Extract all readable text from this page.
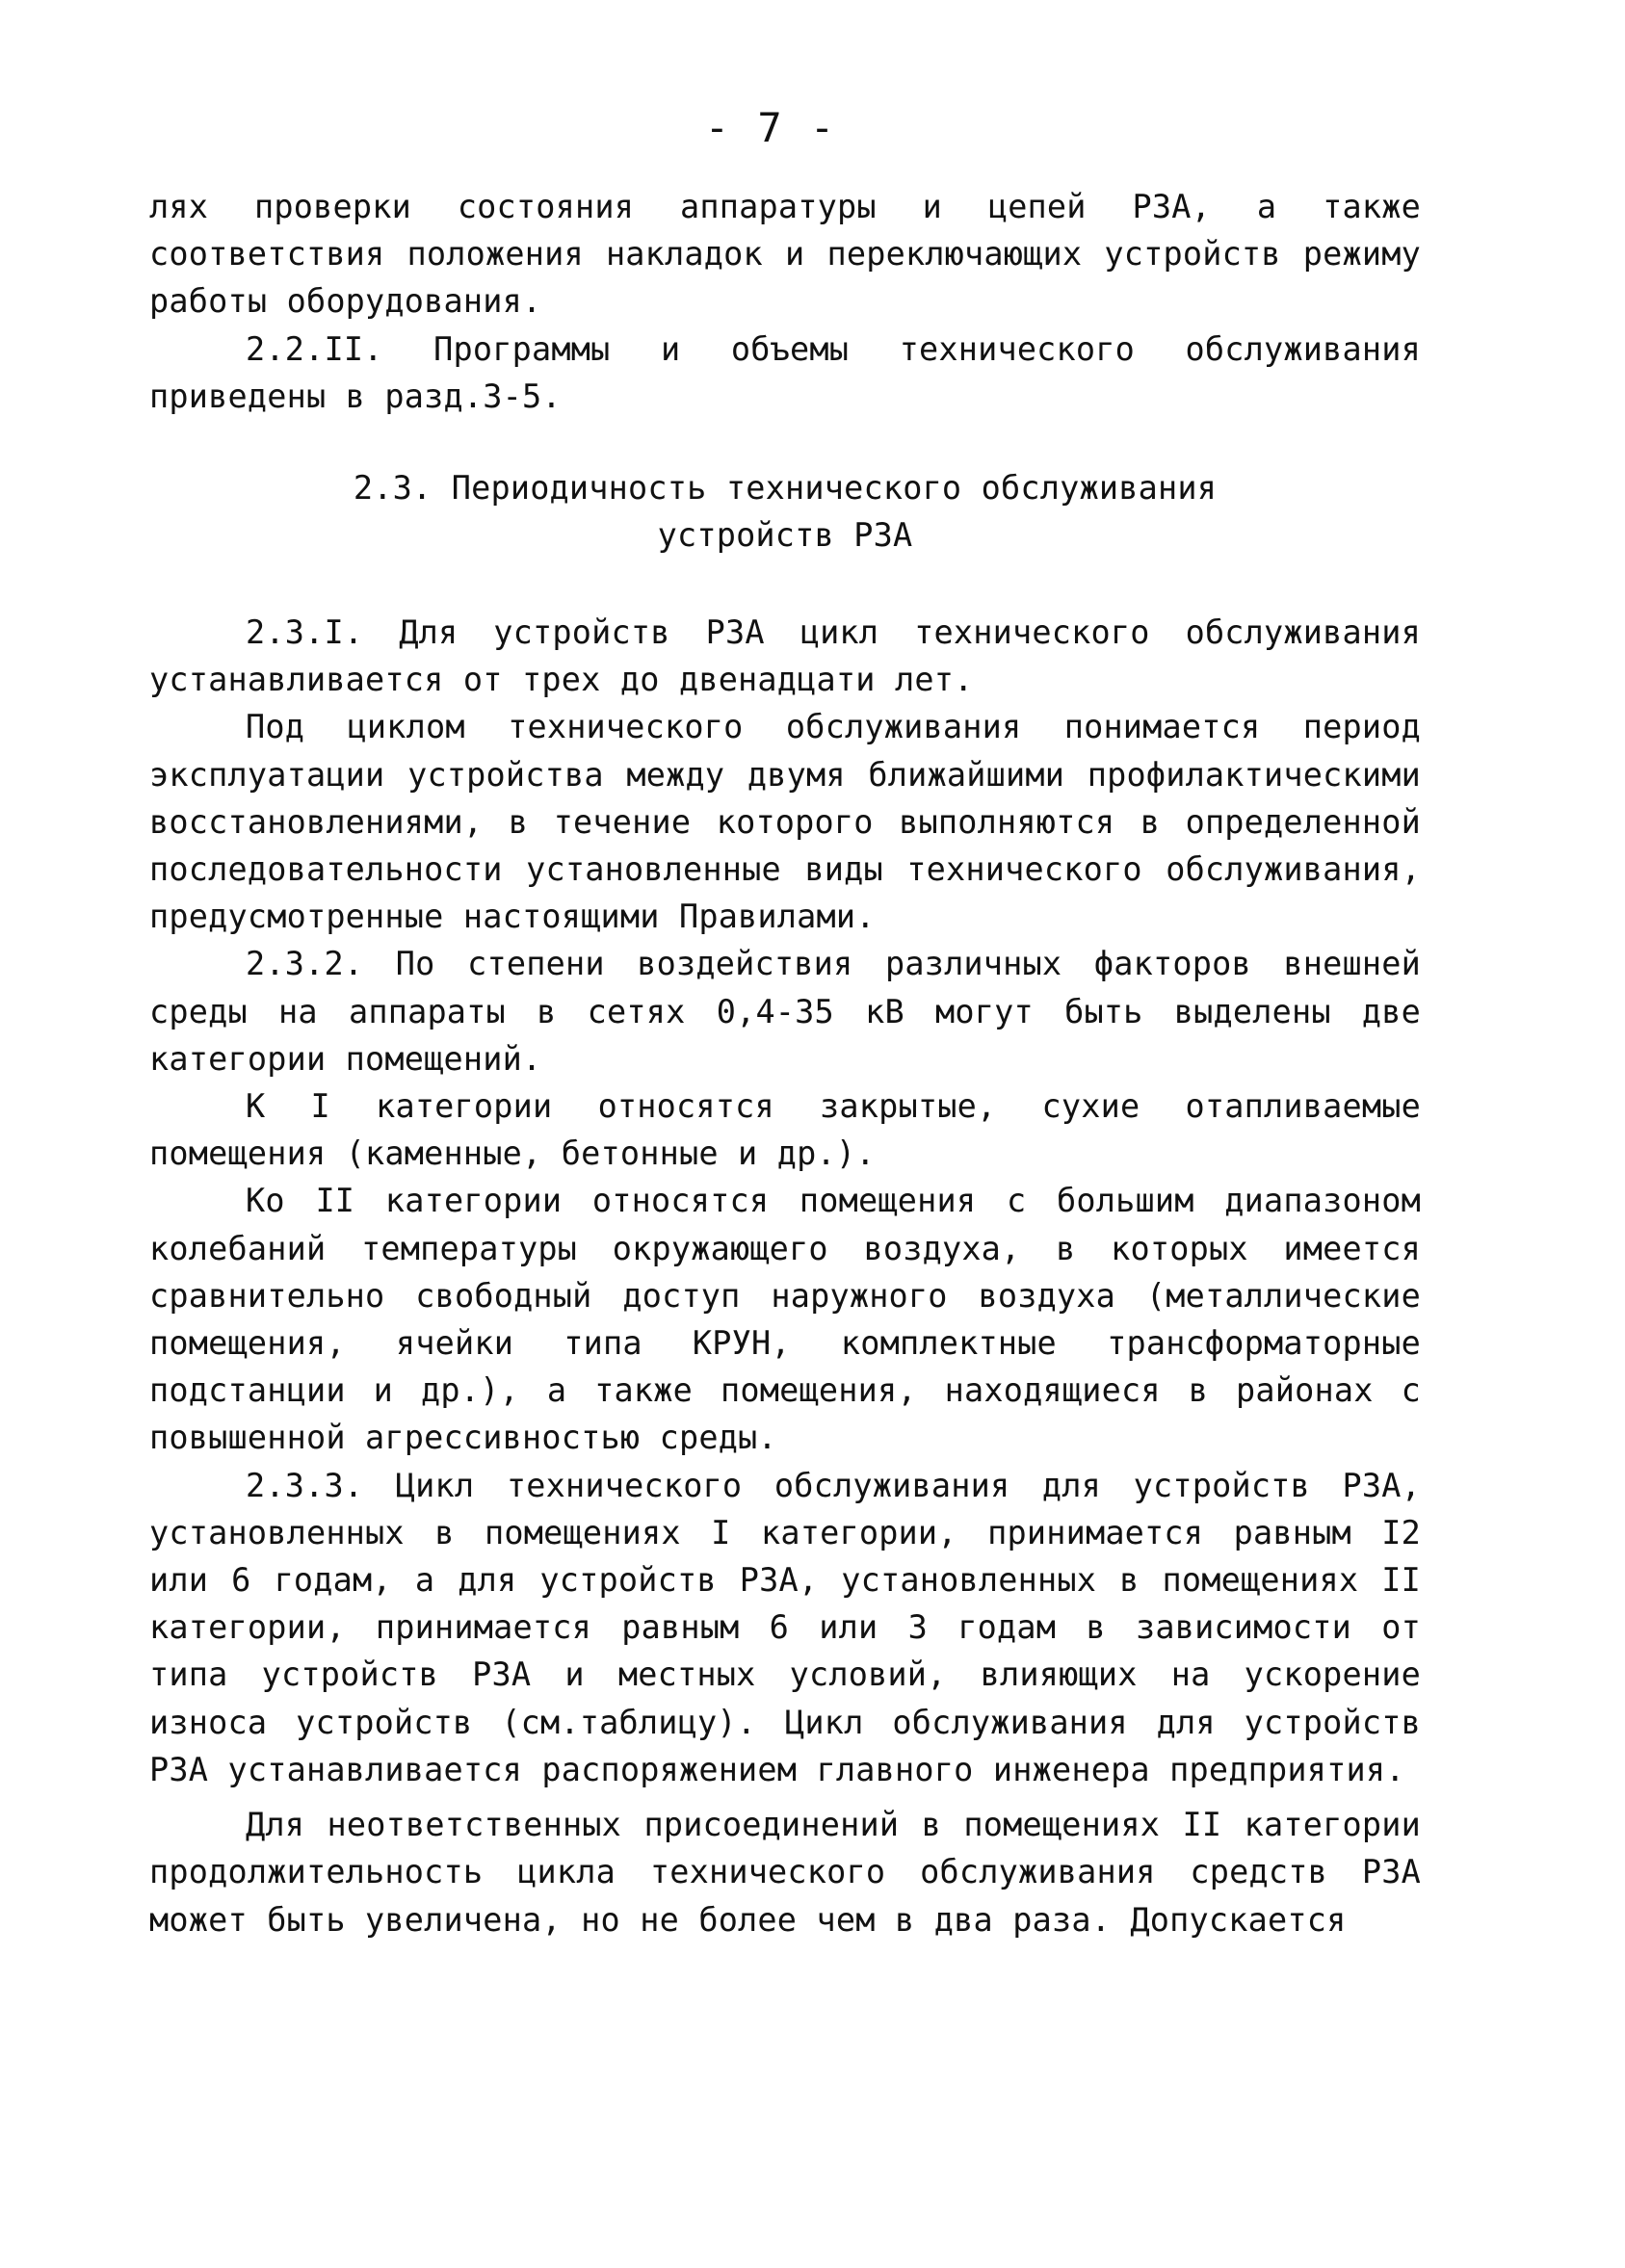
- 7 -

лях проверки состояния аппаратуры и цепей РЗА, а также соответствия положения накладок и переключающих устройств режиму работы оборудования.

2.2.II. Программы и объемы технического обслуживания приведены в разд.3-5.

2.3. Периодичность технического обслуживания
устройств РЗА

2.3.I. Для устройств РЗА цикл технического обслуживания устанавливается от трех до двенадцати лет.

Под циклом технического обслуживания понимается период эксплуатации устройства между двумя ближайшими профилактическими восстановлениями, в течение которого выполняются в определенной последовательности установленные виды технического обслуживания, предусмотренные настоящими Правилами.

2.3.2. По степени воздействия различных факторов внешней среды на аппараты в сетях 0,4-35 кВ могут быть выделены две категории помещений.

К I категории относятся закрытые, сухие отапливаемые помещения (каменные, бетонные и др.).

Ко II категории относятся помещения с большим диапазоном колебаний температуры окружающего воздуха, в которых имеется сравнительно свободный доступ наружного воздуха (металлические помещения, ячейки типа КРУН, комплектные трансформаторные подстанции и др.), а также помещения, находящиеся в районах с повышенной агрессивностью среды.

2.3.3. Цикл технического обслуживания для устройств РЗА, установленных в помещениях I категории, принимается равным I2 или 6 годам, а для устройств РЗА, установленных в помещениях II категории, принимается равным 6 или 3 годам в зависимости от типа устройств РЗА и местных условий, влияющих на ускорение износа устройств (см.таблицу). Цикл обслуживания для устройств РЗА устанавливается распоряжением главного инженера предприятия.

Для неответственных присоединений в помещениях II категории продолжительность цикла технического обслуживания средств РЗА может быть увеличена, но не более чем в два раза. Допускается
